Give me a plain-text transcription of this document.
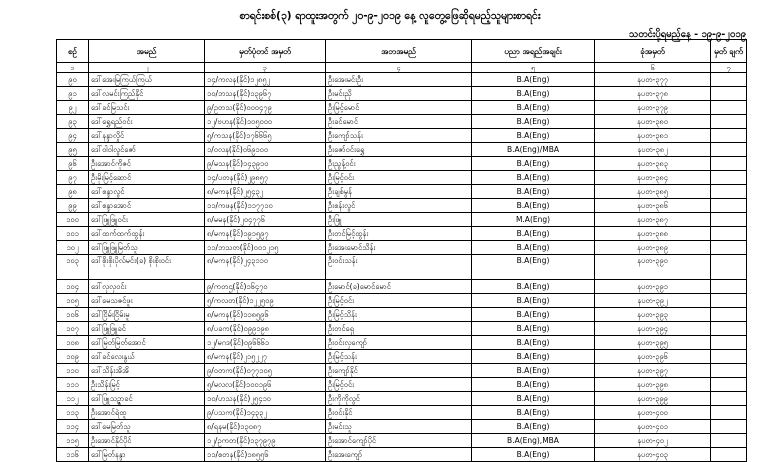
စာရင်းစစ်(၃) ရာထူးအတွက် ၂၀-၉-၂၀၁၉ နေ့ လူတွေ့ဖြေဆိုရမည့်သူများစာရင်း
သတင်းပို့ရမည့်နေ့ - ၁၉-၉-၂၀၁၉
စဉ်	အမည်	မှတ်ပုံတင် အမှတ်	အဘအမည်	ပညာ အရည်အချင်း	ခုံအမှတ်	မှတ် ချက်
၁	၂	၃	၄	၅	၆	၇
၉၀	ဒေါ်အေးမြကြယ်ကြယ်	၁၄/ကလန(နိုင်)၁၂၈၅၂	ဦးအေးမင်းဦး	B.A(Eng)	နပတ-၃၇၇	
၉၁	ဒေါ်လမင်းကြည်နိုင်	၁၀/ဘသန(နိုင်)၁၃၉၆၇	ဦးမင်းညို	B.A(Eng)	နပတ-၃၇၈	
၉၂	ဒေါ်ခင်မြသင်း	၉/ဥတသ(နိုင်)၀၀၀၄၇၉	ဦးမြင့်မောင်	B.A(Eng)	နပတ-၃၇၉	
၉၃	ဒေါ်ရွှေရည်ဝင်း	၁၂/ဗဟန(နိုင်)၁၀၅၀၀၀	ဦးခင်မောင်	B.A(Eng)	နပတ-၃၈၀	
၉၄	ဒေါ်နန္ဒာလှိုင်	၅/ကသန(နိုင်)၁၇၆၆၆၅	ဦးကျော်သန်း	B.A(Eng)	နပတ-၃၈၁	
၉၅	ဒေါ်ဝါဝါလွင်ဇော်	၁/ဝလန(နိုင်)၀၆၉၁၀၀	ဦးဇော်ဝင်းရွှေ	B.A(Eng)/MBA	နပတ-၃၈၂	
၉၆	ဦးအောင်ကိုဇင်	၉/မသန(နိုင်)၁၄၃၉၁၀	ဦးညွန့်ဝင်း	B.A(Eng)	နပတ-၃၈၃	
၉၇	ဦးမိုးမြင့်ဆောင်	၁၄/ပတန(နိုင်)၂၉၈၅၇	ဦးမြင့်ဝင်း	B.A(Eng)	နပတ-၃၈၄	
၉၈	ဒေါ်စန္ဒာလွင်	၈/မကန(နိုင်)၂၅၄၃၂	ဦးချစ်မွန်	B.A(Eng)	နပတ-၃၈၅	
၉၉	ဒေါ်စန္ဒာအောင်	၁၁/ကဖန(နိုင်)၁၁၇၇၁၀	ဦးစန်းလွင်	B.A(Eng)	နပတ-၃၈၆	
၁၀၀	ဒေါ်ဖြူဖြူဝင်း	၈/မမန(နိုင်)၂၀၄၇၇၆	ဦးဖြူ	M.A(Eng)	နပတ-၃၈၇	
၁၀၁	ဒေါ်ထက်ထက်ထွန်း	၈/မကန(နိုင်)၁၉၁၅၉၇	ဦးတင်မြင့်ထွန်း	B.A(Eng)	နပတ-၃၈၈	
၁၀၂	ဒေါ်ဖြူဖြူမြတ်သူ	၁၁/ဘသတ(နိုင်)၀၀၁၂၁၅	ဦးအေးမောင်သိန်း	B.A(Eng)	နပတ-၃၈၉	
၁၀၃	ဒေါ်စိုးစိုးပိုလ်မင်း(ခ) စိုးစိုးဝင်း	၈/မကန(နိုင်)၂၄၃၁၁၀	ဦးဝင်းသန်း	B.A(Eng)	နပတ-၃၉၀	
၁၀၄	ဒေါ်လှလှဝင်း	၉/ကတဌ(နိုင်)၁၆၄၇၀	ဦးမောင်(ခ)မောင်မောင်	B.A(Eng)	နပတ-၃၉၁	
၁၀၅	ဒေါ်မေသဇင်ဖူး	၅/ကလတ(နိုင်)၁၂၂၅၀၉	ဦးမြင့်ဝင်း	B.A(Eng)	နပတ-၃၉၂	
၁၀၆	ဒေါ်ငြိမ်းငြိမ်းမူ	၈/မကန(နိုင်)၁၁၈၅၉၆	ဦးမြင့်သိန်း	B.A(Eng)	နပတ-၃၉၃	
၁၀၇	ဒေါ်ဖြူဖြူခင်	၈/ပခက(နိုင်)၀၉၉၁၉၈	ဦးတင်ရှေ	B.A(Eng)	နပတ-၃၉၄	
၁၀၈	ဒေါ်မြတ်မြတ်အောင်	၁၂/မဂဒ(နိုင်)၀၉၆၆၆၁	ဦးဝင်းလှကျော်	B.A(Eng)	နပတ-၃၉၅	
၁၀၉	ဒေါ်ခင်လေးနွယ်	၈/မကန(နိုင်)၂၁၅၂၂၇	ဦးမြင့်သန်း	B.A(Eng)	နပတ-၃၉၆	
၁၁၀	ဒေါ်သိန်းအိအိ	၉/ဝတက(နိုင်)၀၇၇၁၀၅	ဦးကျော်နိုင်	B.A(Eng)	နပတ-၃၉၇	
၁၁၁	ဦးသိန်းမြင့်	၅/မလလ(နိုင်)၁၀၀၁၉၆	ဦးမြင့်ဝင်း	B.A(Eng)	နပတ-၃၉၈	
၁၁၂	ဒေါ်ဖြူသဉ္ဇာခင်	၁၀/ဟသန(နိုင်)၂၅၄၁၀	ဦးကိုကိုလွင်	B.A(Eng)	နပတ-၃၉၉	
၁၁၃	ဦးအောင်ရဲထူ	၉/ပသက(နိုင်)၁၄၃၃၂	ဦးဝင်းနိုင်	B.A(Eng)	နပတ-၄၀၀	
၁၁၄	ဒေါ်မေမြတ်သူ	၈/ရနမ(နိုင်)၁၃၀၈၇	ဦးမင်းသူ	B.A(Eng)	နပတ-၄၀၁	
၁၁၅	ဦးအောင်နိုင်ပိုင်	၁၂/ဥကတ(နိုင်)၁၃၇၉၇၉	ဦးအောင်ကျော်ပိုင်	B.A(Eng),MBA	နပတ-၄၀၂	
၁၁၆	ဒေါ်မြတ်နန္ဒာ	၁၁/စတန(နိုင်)၁၈၅၅၆	ဦးအေးကျော်	B.A(Eng)	နပတ-၄၀၃	
